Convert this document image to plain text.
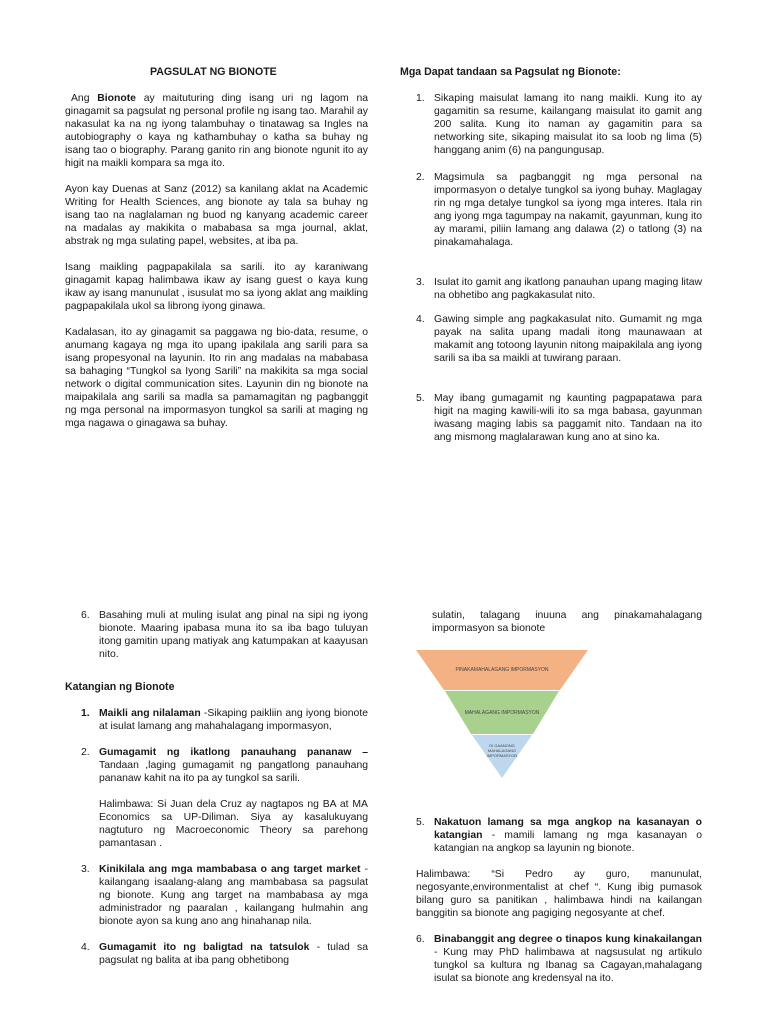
PAGSULAT NG BIONOTE

Ang Bionote ay maituturing ding isang uri ng lagom na ginagamit sa pagsulat ng personal profile ng isang tao. Marahil ay nakasulat ka na ng iyong talambuhay o tinatawag sa Ingles na autobiography o kaya ng kathambuhay o katha sa buhay ng isang tao o biography. Parang ganito rin ang bionote ngunit ito ay higit na maikli kompara sa mga ito.

Ayon kay Duenas at Sanz (2012) sa kanilang aklat na Academic Writing for Health Sciences, ang bionote ay tala sa buhay ng isang tao na naglalaman ng buod ng kanyang academic career na madalas ay makikita o mababasa sa mga journal, aklat, abstrak ng mga sulating papel, websites, at iba pa.

Isang maikling pagpapakilala sa sarili. ito ay karaniwang ginagamit kapag halimbawa ikaw ay isang guest o kaya kung ikaw ay isang manunulat , isusulat mo sa iyong aklat ang maikling pagpapakilala ukol sa librong iyong ginawa.

Kadalasan, ito ay ginagamit sa paggawa ng bio-data, resume, o anumang kagaya ng mga ito upang ipakilala ang sarili para sa isang propesyonal na layunin. Ito rin ang madalas na mababasa sa bahaging “Tungkol sa Iyong Sarili” na makikita sa mga social network o digital communication sites. Layunin din ng bionote na maipakilala ang sarili sa madla sa pamamagitan ng pagbanggit ng mga personal na impormasyon tungkol sa sarili at maging ng mga nagawa o ginagawa sa buhay.

Mga Dapat tandaan sa Pagsulat ng Bionote:

1. Sikaping maisulat lamang ito nang maikli. Kung ito ay gagamitin sa resume, kailangang maisulat ito gamit ang 200 salita. Kung ito naman ay gagamitin para sa networking site, sikaping maisulat ito sa loob ng lima (5) hanggang anim (6) na pangungusap.
2. Magsimula sa pagbanggit ng mga personal na impormasyon o detalye tungkol sa iyong buhay. Maglagay rin ng mga detalye tungkol sa iyong mga interes. Itala rin ang iyong mga tagumpay na nakamit, gayunman, kung ito ay marami, piliin lamang ang dalawa (2) o tatlong (3) na pinakamahalaga.
3. Isulat ito gamit ang ikatlong panauhan upang maging litaw na obhetibo ang pagkakasulat nito.
4. Gawing simple ang pagkakasulat nito. Gumamit ng mga payak na salita upang madali itong maunawaan at makamit ang totoong layunin nitong maipakilala ang iyong sarili sa iba sa maikli at tuwirang paraan.
5. May ibang gumagamit ng kaunting pagpapatawa para higit na maging kawili-wili ito sa mga babasa, gayunman iwasang maging labis sa paggamit nito. Tandaan na ito ang mismong maglalarawan kung ano at sino ka.
6. Basahing muli at muling isulat ang pinal na sipi ng iyong bionote. Maaring ipabasa muna ito sa iba bago tuluyan itong gamitin upang matiyak ang katumpakan at kaayusan nito.

Katangian ng Bionote

1. Maikli ang nilalaman -Sikaping paikliin ang iyong bionote at isulat lamang ang mahahalagang impormasyon,
2. Gumagamit ng ikatlong panauhang pananaw – Tandaan ,laging gumagamit ng pangatlong panauhang pananaw kahit na ito pa ay tungkol sa sarili.

Halimbawa: Si Juan dela Cruz ay nagtapos ng BA at MA Economics sa UP-Diliman. Siya ay kasalukuyang nagtuturo ng Macroeconomic Theory sa parehong pamantasan .

3. Kinikilala ang mga mambabasa o ang target market - kailangang isaalang-alang ang mambabasa sa pagsulat ng bionote. Kung ang target na mambabasa ay mga administrador ng paaralan , kailangang hulmahin ang bionote ayon sa kung ano ang hinahanap nila.
4. Gumagamit ito ng baligtad na tatsulok - tulad sa pagsulat ng balita at iba pang obhetibong

sulatin, talagang inuuna ang pinakamahalagang impormasyon sa bionote

PINAKAMAHALAGANG IMPORMASYON
MAHALAGANG IMPORMASYON
DI GAANONG
MAHALAGANG
IMPORMASYON
5. Nakatuon lamang sa mga angkop na kasanayan o katangian - mamili lamang ng mga kasanayan o katangian na angkop sa layunin ng bionote.

Halimbawa: “Si Pedro ay guro, manunulat, negosyante,environmentalist at chef “. Kung ibig pumasok bilang guro sa panitikan , halimbawa hindi na kailangan banggitin sa bionote ang pagiging negosyante at chef.

6. Binabanggit ang degree o tinapos kung kinakailangan - Kung may PhD halimbawa at nagsusulat ng artikulo tungkol sa kultura ng Ibanag sa Cagayan,mahalagang isulat sa bionote ang kredensyal na ito.
